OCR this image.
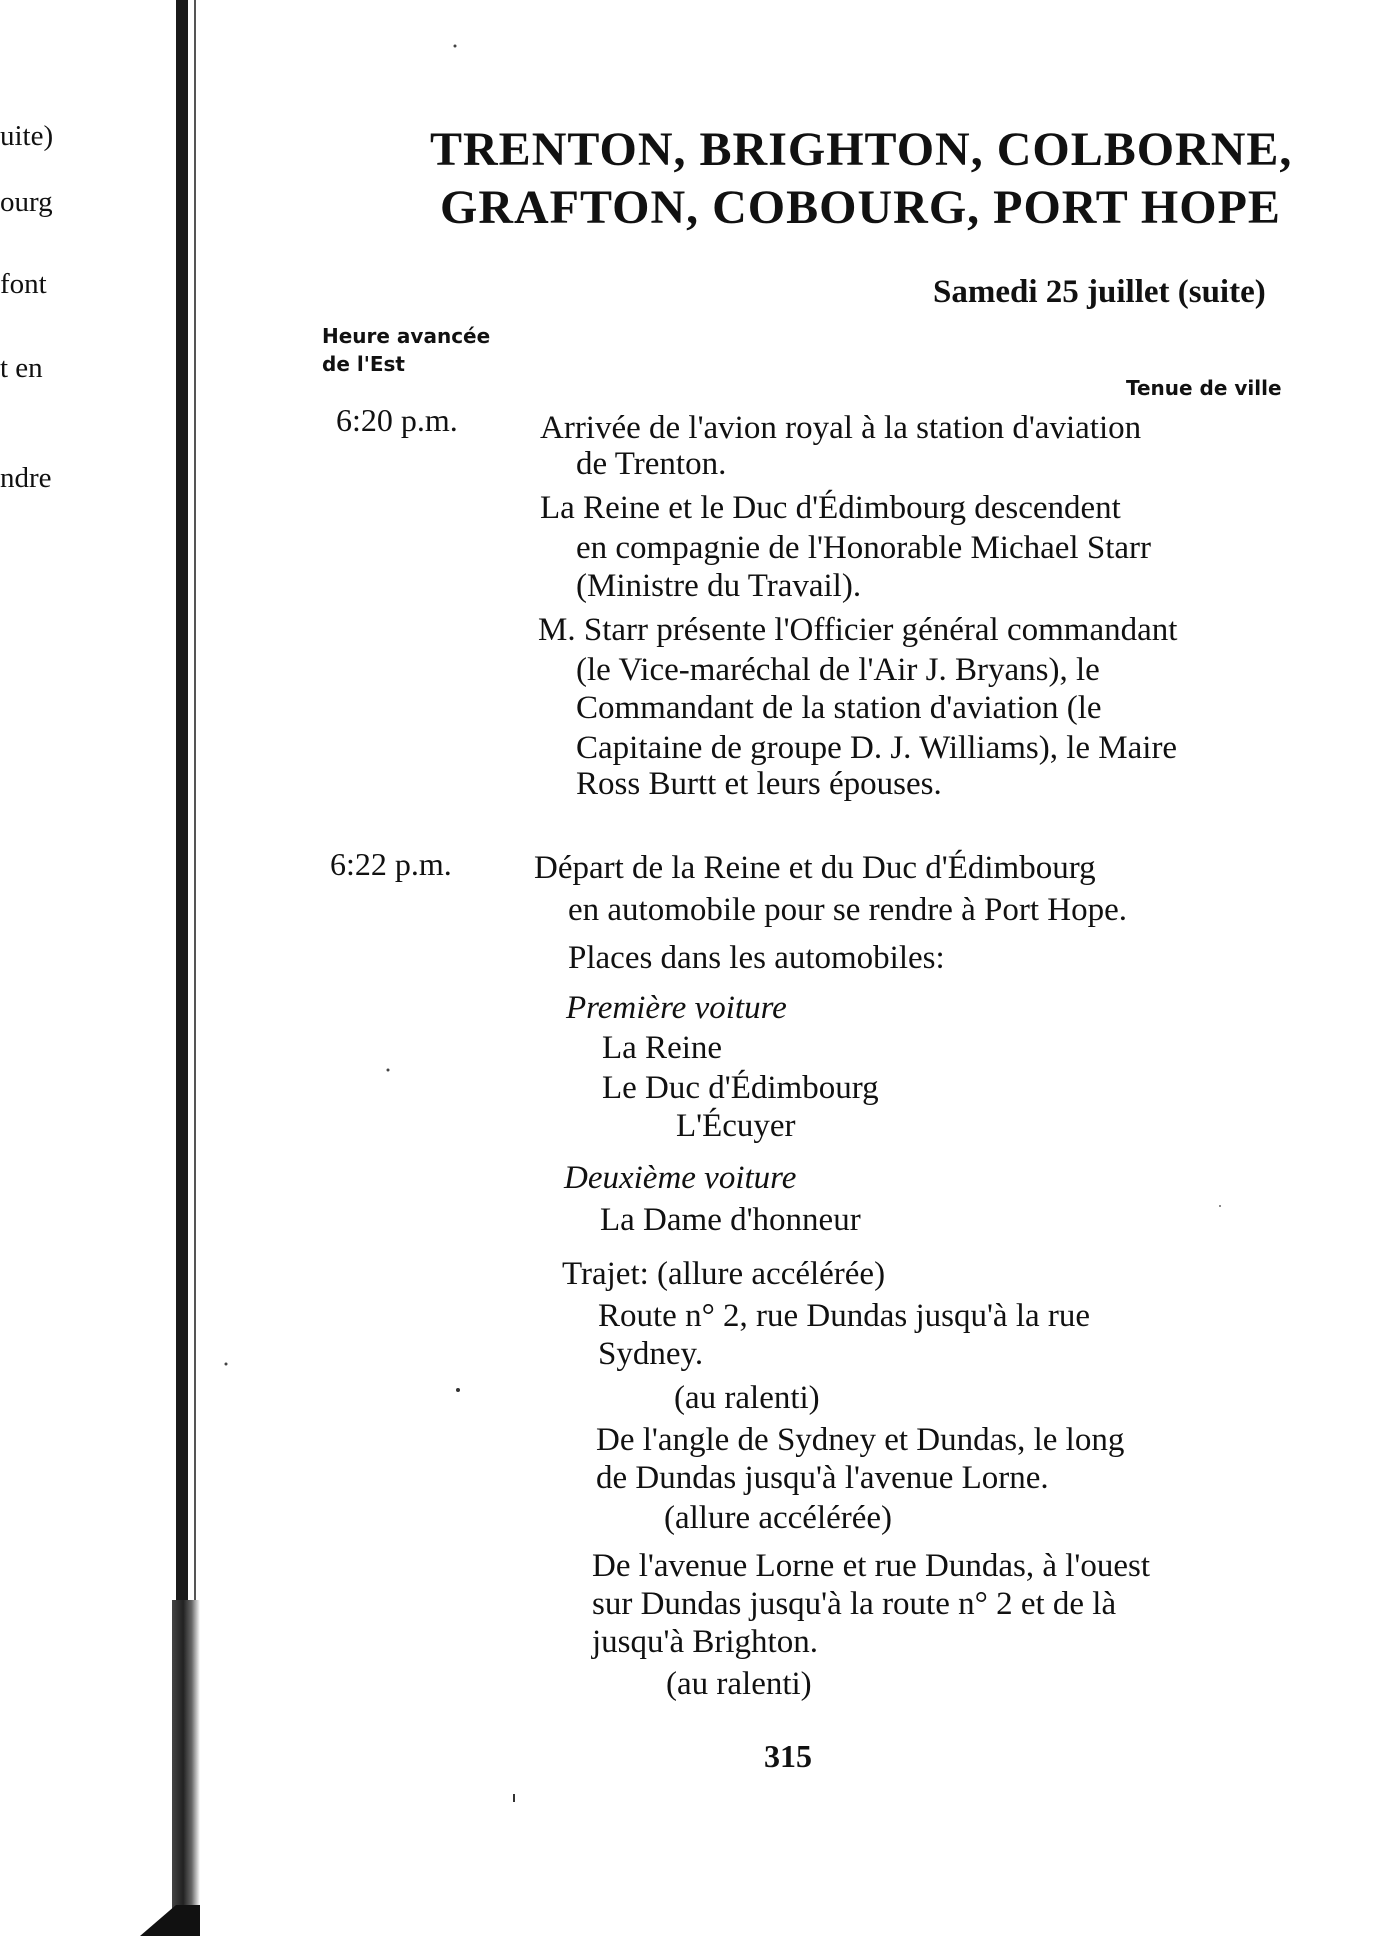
uite)
ourg
font
t en
ndre
TRENTON, BRIGHTON, COLBORNE,
GRAFTON, COBOURG, PORT HOPE
Samedi 25 juillet (suite)
Heure avancée
de l'Est
Tenue de ville
6:20 p.m. Arrivée de l'avion royal à la station d'aviation
de Trenton.
La Reine et le Duc d'Édimbourg descendent
en compagnie de l'Honorable Michael Starr
(Ministre du Travail).
M. Starr présente l'Officier général commandant
(le Vice-maréchal de l'Air J. Bryans), le
Commandant de la station d'aviation (le
Capitaine de groupe D. J. Williams), le Maire
Ross Burtt et leurs épouses.
6:22 p.m. Départ de la Reine et du Duc d'Édimbourg
en automobile pour se rendre à Port Hope.
Places dans les automobiles:
Première voiture
La Reine
Le Duc d'Édimbourg
L'Écuyer
Deuxième voiture
La Dame d'honneur
Trajet: (allure accélérée)
Route n° 2, rue Dundas jusqu'à la rue
Sydney.
(au ralenti)
De l'angle de Sydney et Dundas, le long
de Dundas jusqu'à l'avenue Lorne.
(allure accélérée)
De l'avenue Lorne et rue Dundas, à l'ouest
sur Dundas jusqu'à la route n° 2 et de là
jusqu'à Brighton.
(au ralenti)
315
